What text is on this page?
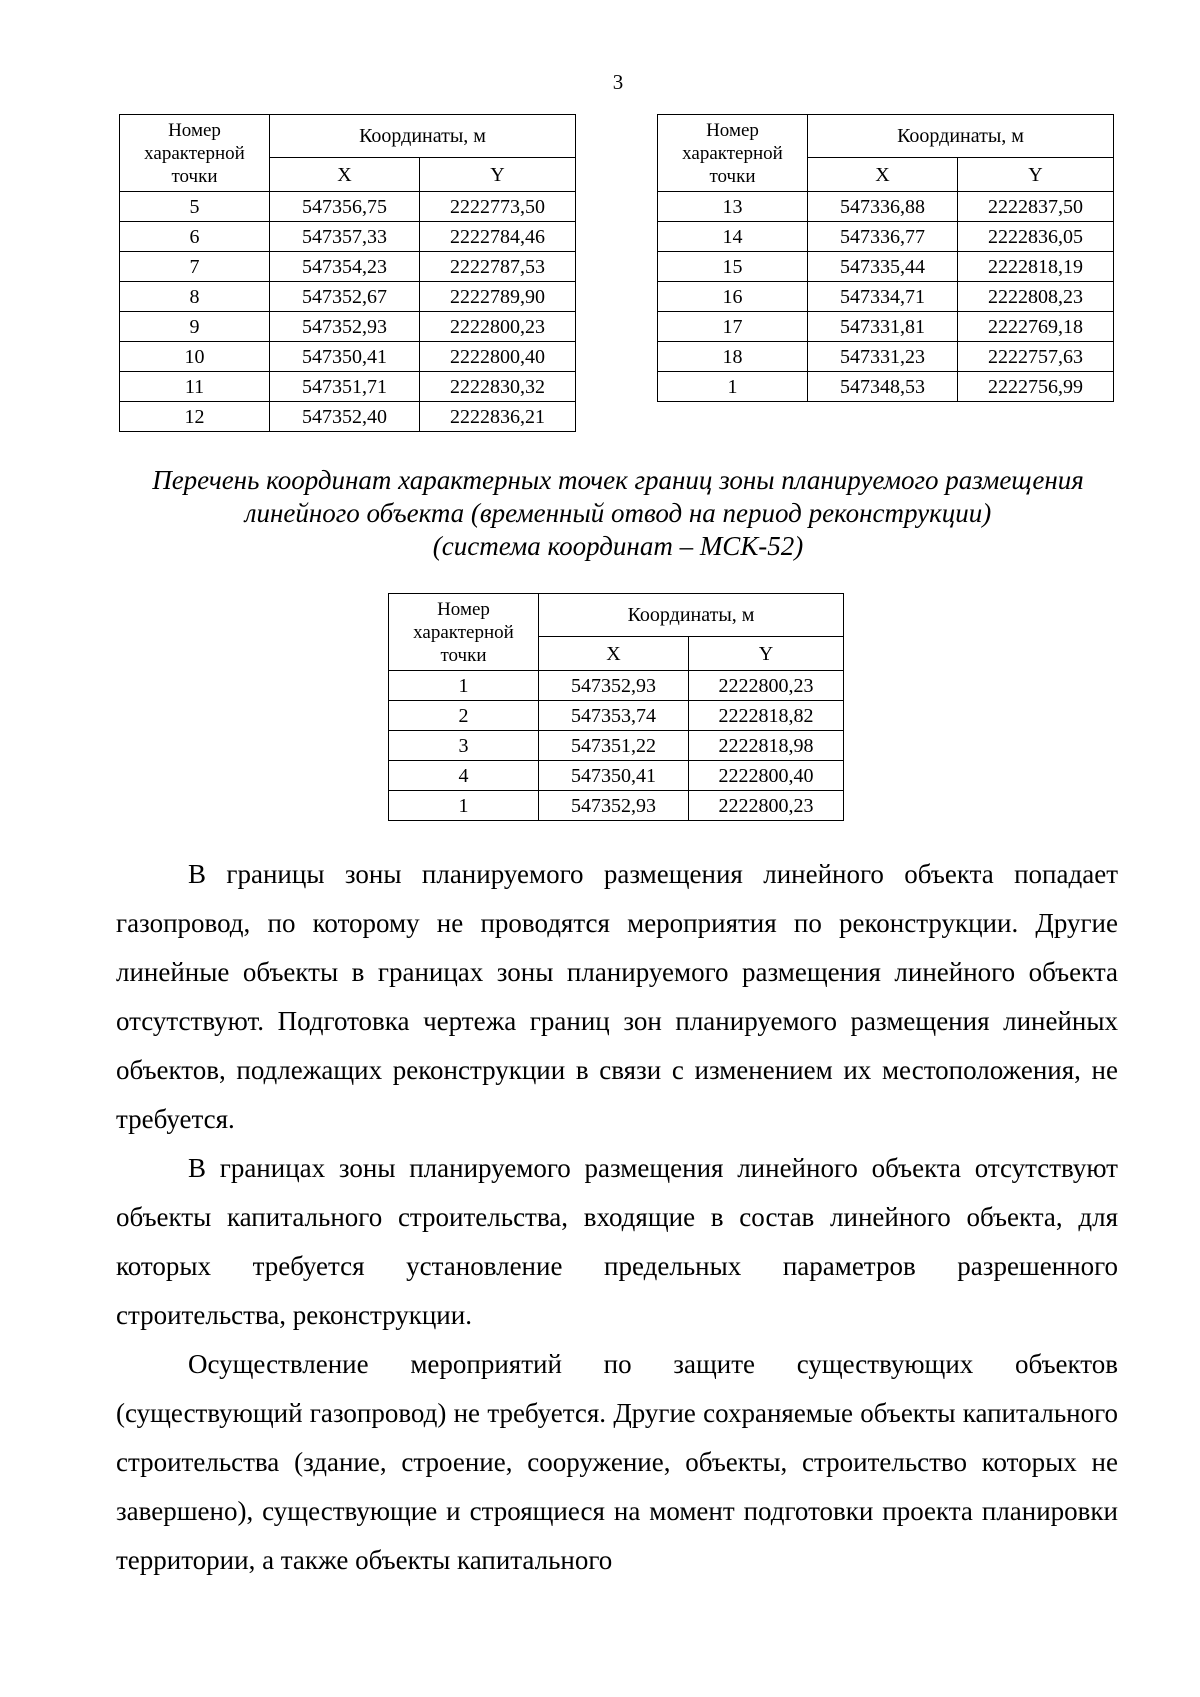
3
Номер
характерной
точки	Координаты, м	
	X	Y
5	547356,75	2222773,50
6	547357,33	2222784,46
7	547354,23	2222787,53
8	547352,67	2222789,90
9	547352,93	2222800,23
10	547350,41	2222800,40
11	547351,71	2222830,32
12	547352,40	2222836,21
Номер
характерной
точки	Координаты, м	
	X	Y
13	547336,88	2222837,50
14	547336,77	2222836,05
15	547335,44	2222818,19
16	547334,71	2222808,23
17	547331,81	2222769,18
18	547331,23	2222757,63
1	547348,53	2222756,99
Перечень координат характерных точек границ зоны планируемого размещения
линейного объекта (временный отвод на период реконструкции)
(система координат – МСК-52)
Номер
характерной
точки	Координаты, м	
	X	Y
1	547352,93	2222800,23
2	547353,74	2222818,82
3	547351,22	2222818,98
4	547350,41	2222800,40
1	547352,93	2222800,23

В границы зоны планируемого размещения линейного объекта попадает газопровод, по которому не проводятся мероприятия по реконструкции. Другие линейные объекты в границах зоны планируемого размещения линейного объекта отсутствуют. Подготовка чертежа границ зон планируемого размещения линейных объектов, подлежащих реконструкции в связи с изменением их местоположения, не требуется.

В границах зоны планируемого размещения линейного объекта отсутствуют объекты капитального строительства, входящие в состав линейного объекта, для которых требуется установление предельных параметров разрешенного строительства, реконструкции.

Осуществление мероприятий по защите существующих объектов (существующий газопровод) не требуется. Другие сохраняемые объекты капитального строительства (здание, строение, сооружение, объекты, строительство которых не завершено), существующие и строящиеся на момент подготовки проекта планировки территории, а также объекты капитального
